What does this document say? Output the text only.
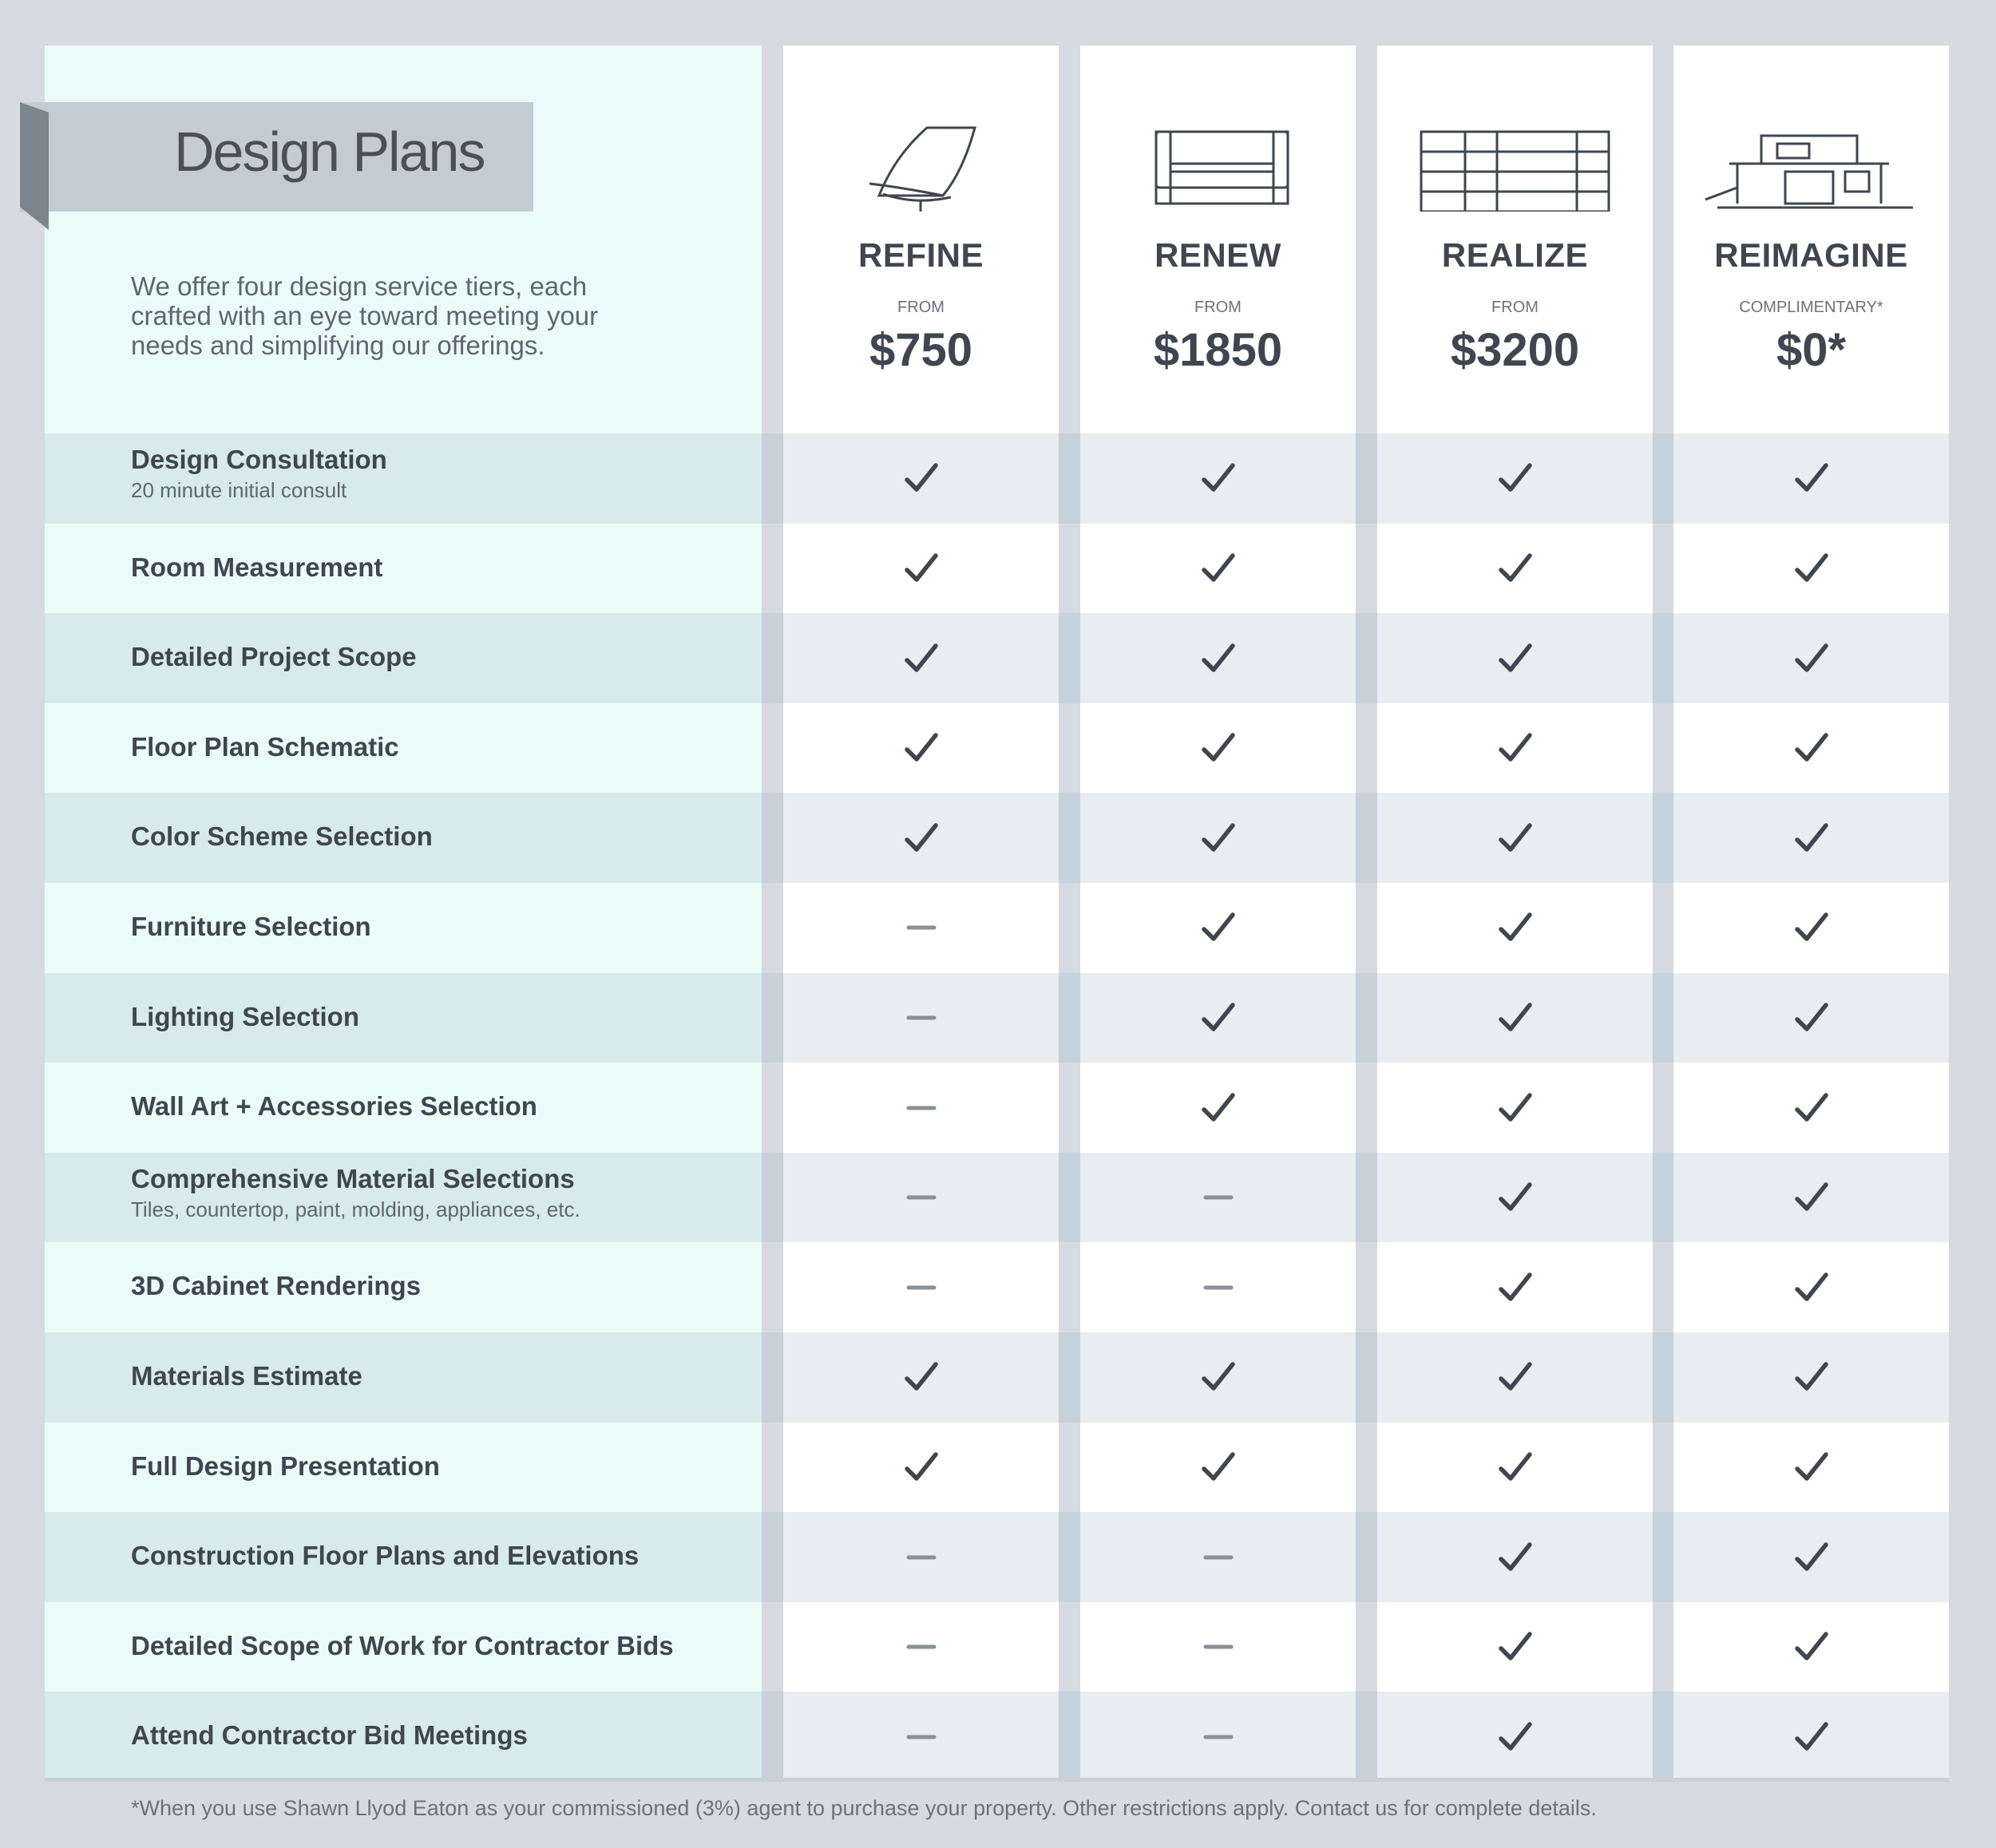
Design Plans
We offer four design service tiers, each
crafted with an eye toward meeting your
needs and simplifying our offerings.
REFINE
FROM
$750
RENEW
FROM
$1850
REALIZE
FROM
$3200
REIMAGINE
COMPLIMENTARY*
$0*
Design Consultation
20 minute initial consult
Room Measurement
Detailed Project Scope
Floor Plan Schematic
Color Scheme Selection
Furniture Selection
Lighting Selection
Wall Art + Accessories Selection
Comprehensive Material Selections
Tiles, countertop, paint, molding, appliances, etc.
3D Cabinet Renderings
Materials Estimate
Full Design Presentation
Construction Floor Plans and Elevations
Detailed Scope of Work for Contractor Bids
Attend Contractor Bid Meetings
*When you use Shawn Llyod Eaton as your commissioned (3%) agent to purchase your property. Other restrictions apply. Contact us for complete details.
